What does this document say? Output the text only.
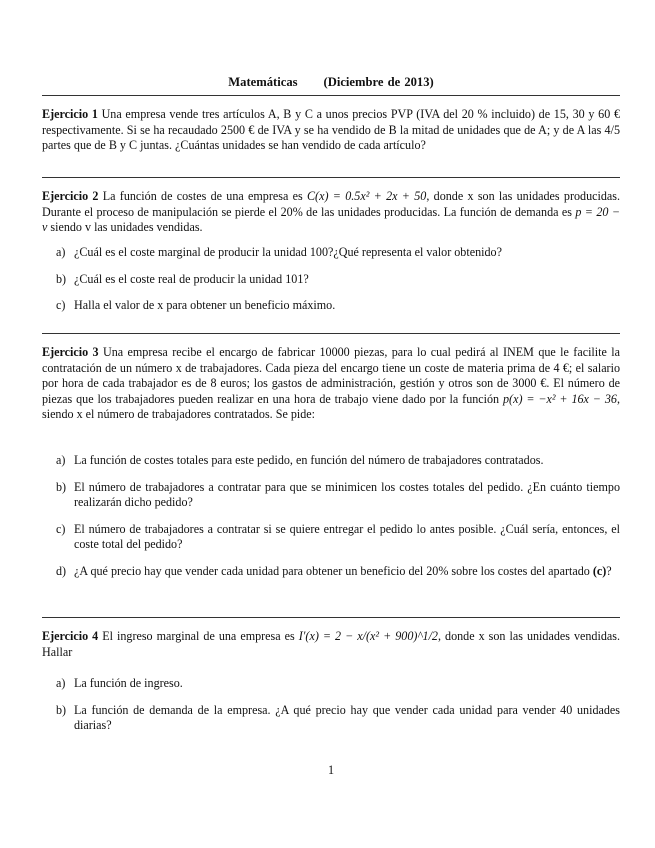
Matemáticas (Diciembre de 2013)
Ejercicio 1 Una empresa vende tres artículos A, B y C a unos precios PVP (IVA del 20 % incluido) de 15, 30 y 60 € respectivamente. Si se ha recaudado 2500 € de IVA y se ha vendido de B la mitad de unidades que de A; y de A las 4/5 partes que de B y C juntas. ¿Cuántas unidades se han vendido de cada artículo?
Ejercicio 2 La función de costes de una empresa es C(x) = 0.5x² + 2x + 50, donde x son las unidades producidas. Durante el proceso de manipulación se pierde el 20% de las unidades producidas. La función de demanda es p = 20 − v siendo v las unidades vendidas.
a) ¿Cuál es el coste marginal de producir la unidad 100?¿Qué representa el valor obtenido?
b) ¿Cuál es el coste real de producir la unidad 101?
c) Halla el valor de x para obtener un beneficio máximo.
Ejercicio 3 Una empresa recibe el encargo de fabricar 10000 piezas, para lo cual pedirá al INEM que le facilite la contratación de un número x de trabajadores. Cada pieza del encargo tiene un coste de materia prima de 4 €; el salario por hora de cada trabajador es de 8 euros; los gastos de administración, gestión y otros son de 3000 €. El número de piezas que los trabajadores pueden realizar en una hora de trabajo viene dado por la función p(x) = −x² + 16x − 36, siendo x el número de trabajadores contratados. Se pide:
a) La función de costes totales para este pedido, en función del número de trabajadores contratados.
b) El número de trabajadores a contratar para que se minimicen los costes totales del pedido. ¿En cuánto tiempo realizarán dicho pedido?
c) El número de trabajadores a contratar si se quiere entregar el pedido lo antes posible. ¿Cuál sería, entonces, el coste total del pedido?
d) ¿A qué precio hay que vender cada unidad para obtener un beneficio del 20% sobre los costes del apartado (c)?
Ejercicio 4 El ingreso marginal de una empresa es I′(x) = 2 − x/(x² + 900)^1/2, donde x son las unidades vendidas. Hallar
a) La función de ingreso.
b) La función de demanda de la empresa. ¿A qué precio hay que vender cada unidad para vender 40 unidades diarias?
1
